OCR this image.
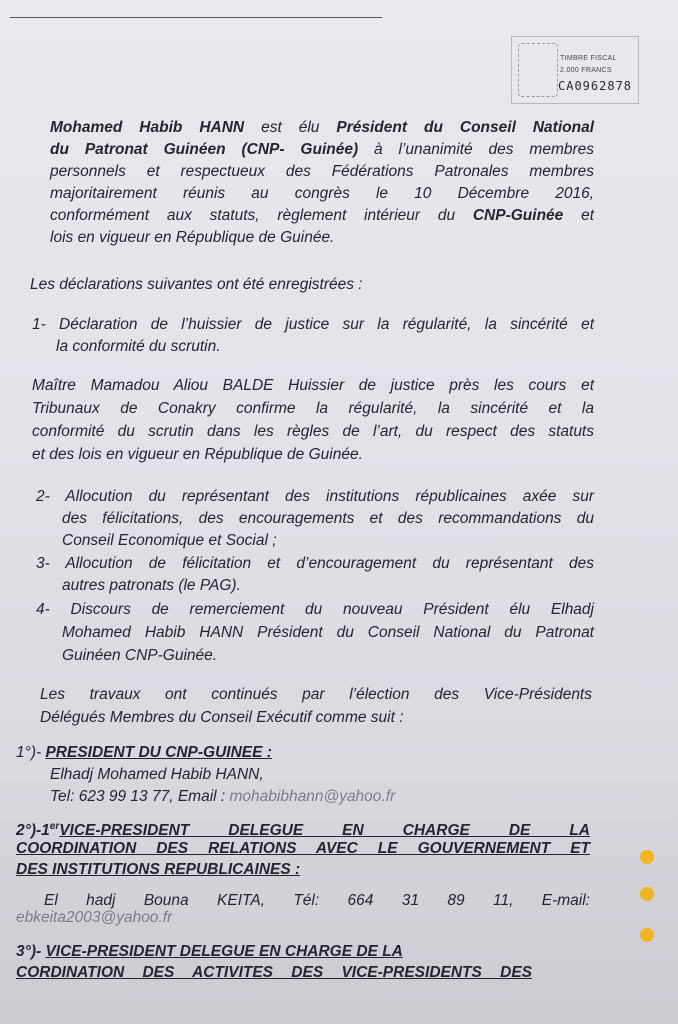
TIMBRE FISCAL
2.000 FRANCS
CA0962878

Mohamed Habib HANN est élu Président du Conseil National

du Patronat Guinéen (CNP- Guinée) à l’unanimité des membres

personnels et respectueux des Fédérations Patronales membres

majoritairement réunis au congrès le 10 Décembre 2016,

conformément aux statuts, règlement intérieur du CNP-Guinée et

lois en vigueur en République de Guinée.

Les déclarations suivantes ont été enregistrées :

1- Déclaration de l’huissier de justice sur la régularité, la sincérité et

la conformité du scrutin.

Maître Mamadou Aliou BALDE Huissier de justice près les cours et

Tribunaux de Conakry confirme la régularité, la sincérité et la

conformité du scrutin dans les règles de l’art, du respect des statuts

et des lois en vigueur en République de Guinée.

2- Allocution du représentant des institutions républicaines axée sur

des félicitations, des encouragements et des recommandations du

Conseil Economique et Social ;

3- Allocution de félicitation et d’encouragement du représentant des

autres patronats (le PAG).

4- Discours de remerciement du nouveau Président élu Elhadj

Mohamed Habib HANN Président du Conseil National du Patronat

Guinéen CNP-Guinée.

Les travaux ont continués par l’élection des Vice-Présidents

Délégués Membres du Conseil Exécutif comme suit :

1°)- PRESIDENT DU CNP-GUINEE :

Elhadj Mohamed Habib HANN,

Tel: 623 99 13 77, Email : mohabibhann@yahoo.fr

2°)-1erVICE-PRESIDENT DELEGUE EN CHARGE DE LA

COORDINATION DES RELATIONS AVEC LE GOUVERNEMENT ET

DES INSTITUTIONS REPUBLICAINES :

El hadj Bouna KEITA, Tél: 664 31 89 11, E-mail:

ebkeita2003@yahoo.fr

3°)- VICE-PRESIDENT DELEGUE EN CHARGE DE LA

CORDINATION DES ACTIVITES DES VICE-PRESIDENTS DES
